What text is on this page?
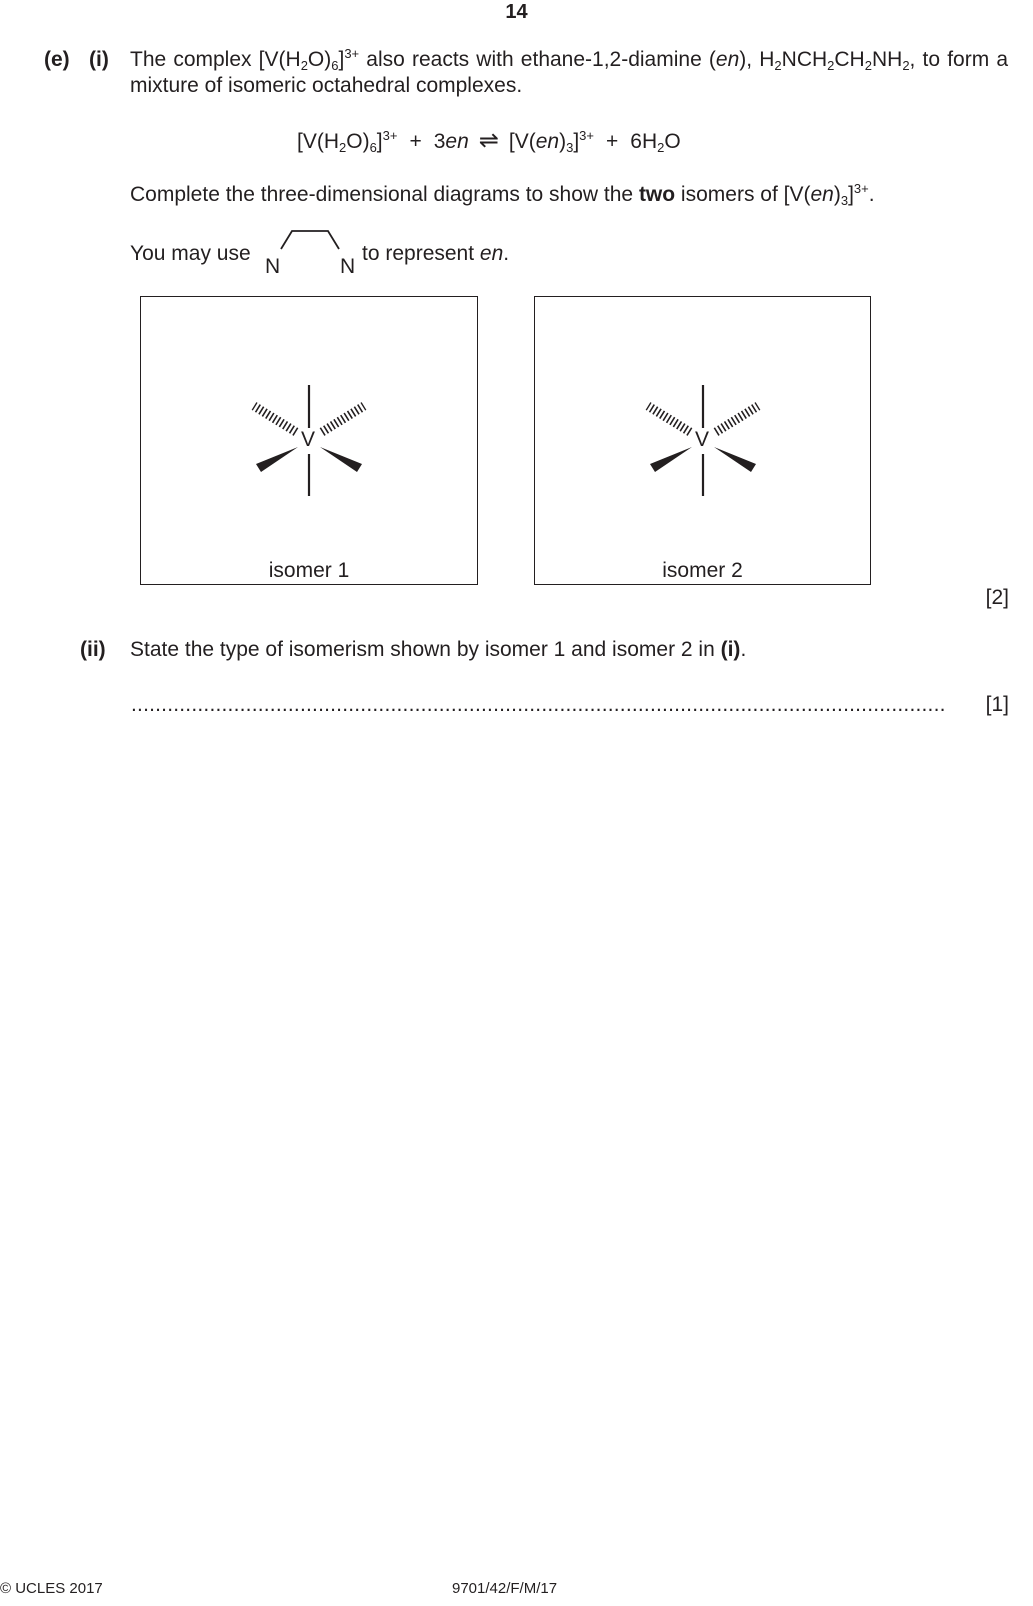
14
(e) (i) The complex $[V(H_2O)_6]^{3+}$ also reacts with ethane-1,2-diamine (en), $H_2NCH_2CH_2NH_2$, to form a mixture of isomeric octahedral complexes.
$[V(H_2O)_6]^{3+} + 3en$ ⇌ $[V(en)_3]^{3+} + 6H_2O$
Complete the three-dimensional diagrams to show the two isomers of $[V(en)_3]^{3+}$.
You may use
N	N
to represent en.
V
isomer 1
V
isomer 2
[2]
(ii) State the type of isomerism shown by isomer 1 and isomer 2 in (i).
.......................................................................................................................................	[1]
© UCLES 2017	9701/42/F/M/17
